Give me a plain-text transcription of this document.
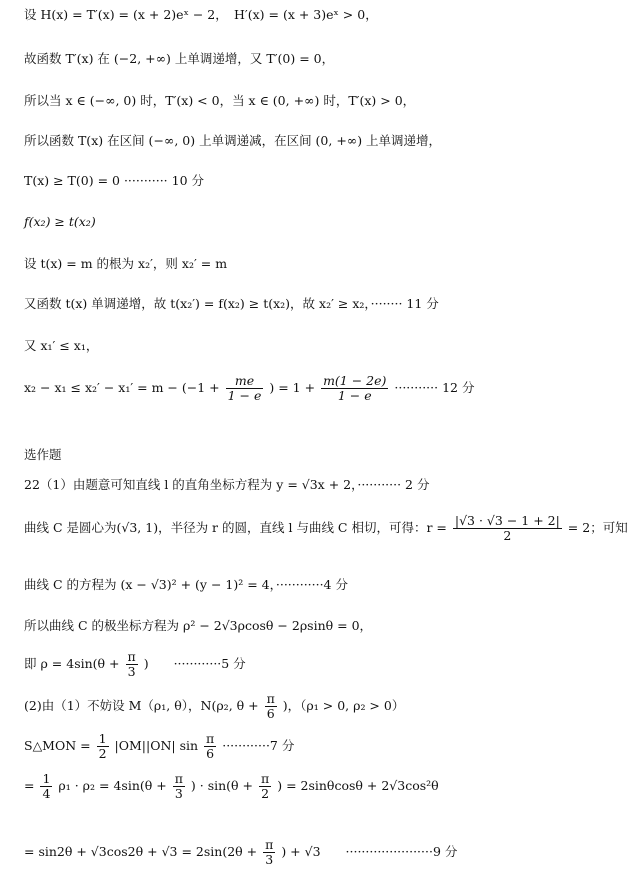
设 H(x) = T′(x) = (x + 2)eˣ − 2，　H′(x) = (x + 3)eˣ > 0，
故函数 T′(x) 在 (−2, +∞) 上单调递增，又 T′(0) = 0，
所以当 x ∈ (−∞, 0) 时，T′(x) < 0，当 x ∈ (0, +∞) 时，T′(x) > 0，
所以函数 T(x) 在区间 (−∞, 0) 上单调递减，在区间 (0, +∞) 上单调递增，
T(x) ≥ T(0) = 0 ··········· 10 分
f(x₂) ≥ t(x₂)
设 t(x) = m 的根为 x₂′，则 x₂′ = m
又函数 t(x) 单调递增，故 t(x₂′) = f(x₂) ≥ t(x₂)，故 x₂′ ≥ x₂，········ 11 分
又 x₁′ ≤ x₁，
$x_2 - x_1 \le x_2' - x_1' = m - (-1 + \frac{me}{1 - e}$ ) = $1 + \frac{m(1 - 2e)}{1 - e}$ ··········· 12 分
选作题
22（1）由题意可知直线 l 的直角坐标方程为 y = √3x + 2，··········· 2 分
曲线 C 是圆心为(√3, 1)，半径为 r 的圆，直线 l 与曲线 C 相切，可得：$r = \frac{|√3 \cdot √3 - 1 + 2|}{2} = 2$；可知
曲线 C 的方程为 (x − √3)² + (y − 1)² = 4，············4 分
所以曲线 C 的极坐标方程为 ρ² − 2√3ρcosθ − 2ρsinθ = 0，
即 $\rho = 4\sin(\theta + \frac{\pi}{3}$ )　　············5 分
(2)由（1）不妨设 M（ρ₁, θ），N(ρ₂, $\theta + \frac{\pi}{6}$ )，（ρ₁ > 0, ρ₂ > 0）
S△MON = $\frac{1}{2} |OM||ON|$ $\sin \frac{\pi}{6} \cdot\cdot\cdot\cdot\cdot\cdot\cdot\cdot\cdot\cdot\cdot\cdot 7$ 分
= $\frac{1}{4} \rho_1 \cdot \rho_2 = 4\sin(\theta + \frac{\pi}{3}$ ) · $\sin(\theta + \frac{\pi}{2}$ ) = 2sinθcosθ + 2√3cos²θ
= $\sin 2\theta + √3\cos 2\theta + √3 = 2\sin(2\theta + \frac{\pi}{3}$ ) + √3　　······················9 分
